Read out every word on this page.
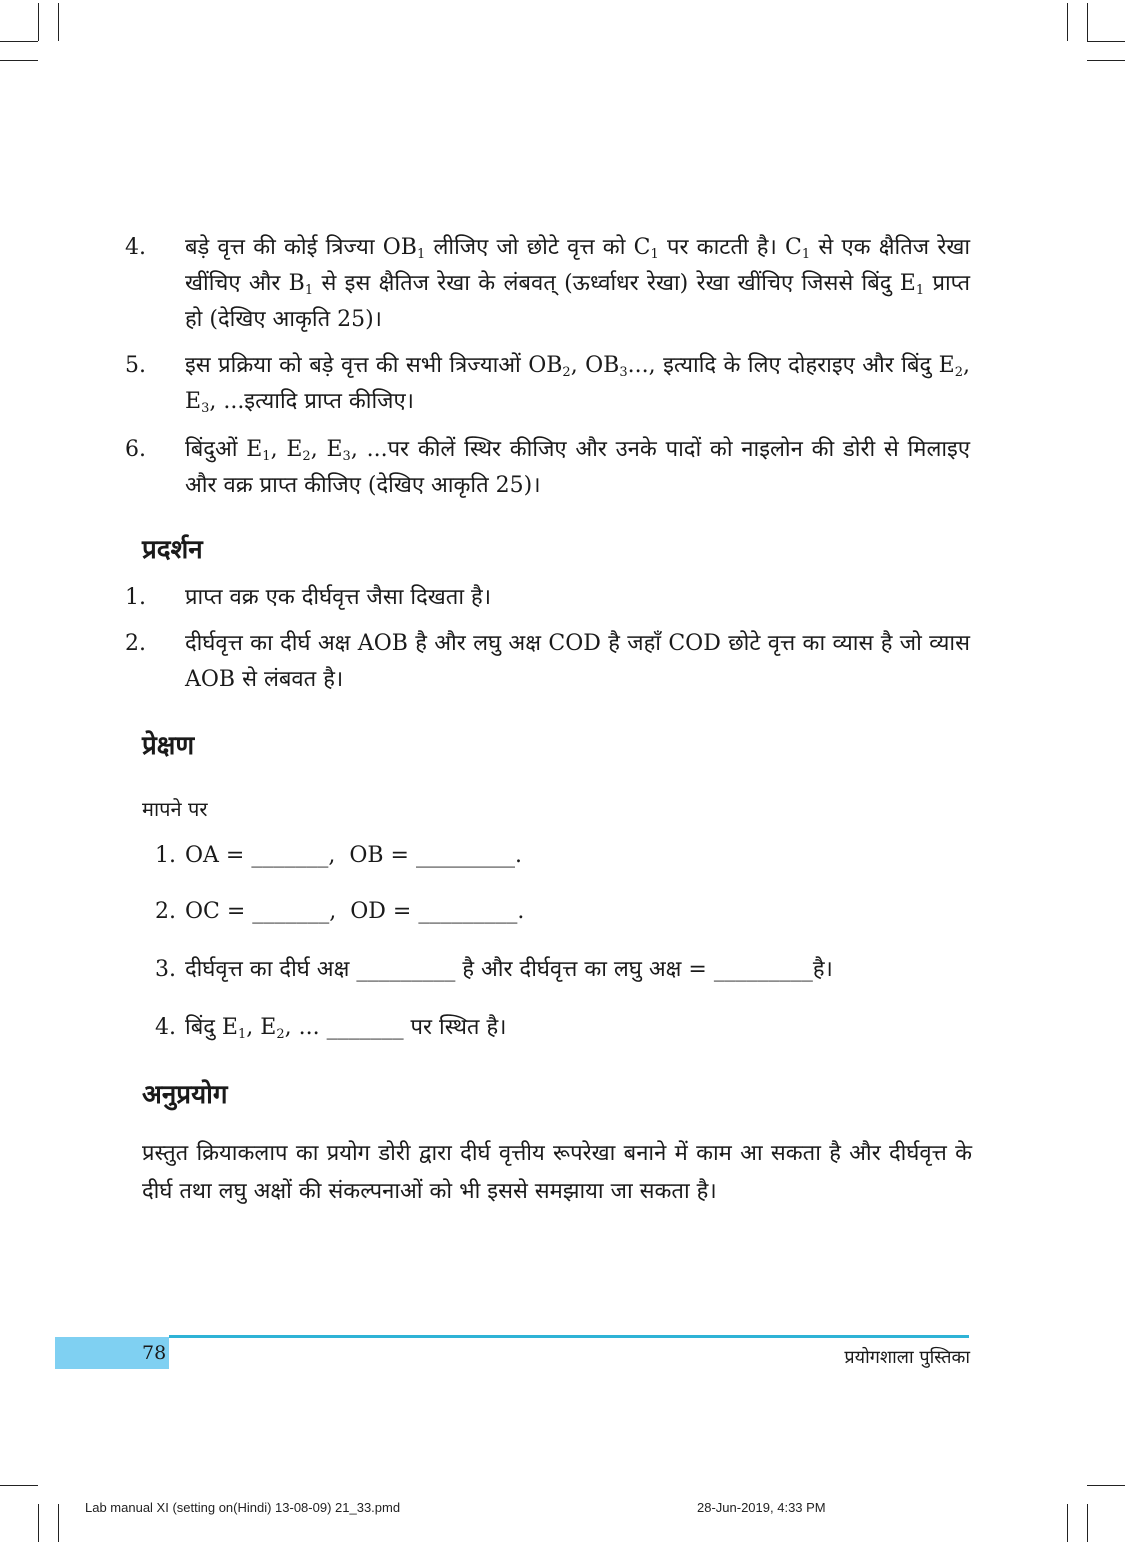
4. बड़े वृत्त की कोई त्रिज्या $OB_1$ लीजिए जो छोटे वृत्त को $C_1$ पर काटती है। $C_1$ से एक क्षैतिज रेखा खींचिए और $B_1$ से इस क्षैतिज रेखा के लंबवत् (ऊर्ध्वाधर रेखा) रेखा खींचिए जिससे बिंदु $E_1$ प्राप्त हो (देखिए आकृति 25)।
5. इस प्रक्रिया को बड़े वृत्त की सभी त्रिज्याओं $OB_2$, $OB_3$..., इत्यादि के लिए दोहराइए और बिंदु $E_2$, $E_3$, ...इत्यादि प्राप्त कीजिए।
6. बिंदुओं $E_1$, $E_2$, $E_3$, ...पर कीलें स्थिर कीजिए और उनके पादों को नाइलोन की डोरी से मिलाइए और वक्र प्राप्त कीजिए (देखिए आकृति 25)।
प्रदर्शन
1. प्राप्त वक्र एक दीर्घवृत्त जैसा दिखता है।
2. दीर्घवृत्त का दीर्घ अक्ष AOB है और लघु अक्ष COD है जहाँ COD छोटे वृत्त का व्यास है जो व्यास AOB से लंबवत है।
प्रेक्षण
मापने पर
1. OA = _______,  OB = _________.
2. OC = _______,  OD = _________.
3. दीर्घवृत्त का दीर्घ अक्ष _________ है और दीर्घवृत्त का लघु अक्ष = _________है।
4. बिंदु $E_1$, $E_2$, ... _______ पर स्थित है।
अनुप्रयोग
प्रस्तुत क्रियाकलाप का प्रयोग डोरी द्वारा दीर्घ वृत्तीय रूपरेखा बनाने में काम आ सकता है और दीर्घवृत्त के दीर्घ तथा लघु अक्षों की संकल्पनाओं को भी इससे समझाया जा सकता है।
78	प्रयोगशाला पुस्तिका
Lab manual XI (setting on(Hindi) 13-08-09) 21_33.pmd	28-Jun-2019, 4:33 PM
